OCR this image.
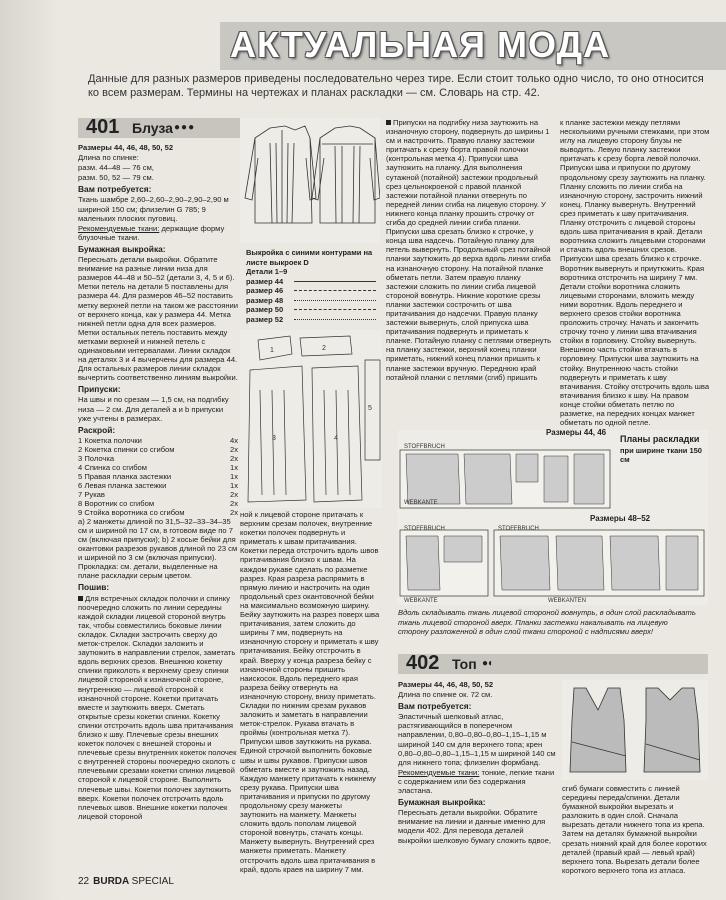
АКТУАЛЬНАЯ МОДА
Данные для разных размеров приведены последовательно через тире. Если стоит только одно число, то оно относится ко всем размерам. Термины на чертежах и планах раскладки — см. Словарь на стр. 42.
401 Блуза ●●●

Размеры 44, 46, 48, 50, 52

Длина по спинке:

разм. 44–48 — 76 см,

разм. 50, 52 — 79 см.

Вам потребуется:

Ткань шамбре 2,60–2,60–2,90–2,90–2,90 м шириной 150 см; флизелин G 785; 9 маленьких плоских пуговиц.

Рекомендуемые ткани: держащие форму блузочные ткани.

Бумажная выкройка:

Пересњать детали выкройки. Обратите внимание на разные линии низа для размеров 44–48 и 50–52 (детали 3, 4, 5 и 6). Метки петель на детали 5 поставлены для размера 44. Для размеров 46–52 поставить метку верхней петли на таком же расстоянии от верхнего конца, как у размера 44. Метка нижней петли одна для всех размеров. Метки остальных петель поставить между метками верхней и нижней петель с одинаковыми интервалами. Линии складок на деталях 3 и 4 вычерчены для размера 44. Для остальных размеров линии складок вычертить соответственно линиям выкройки.

Припуски:

На швы и по срезам — 1,5 см, на подгибку низа — 2 см. Для деталей a и b припуски уже учтены в размерах.

Раскрой:

1 Кокетка полочки	4x
2 Кокетка спинки со сгибом	2x
3 Полочка	2x
4 Спинка со сгибом	1x
5 Правая планка застежки	1x
6 Левая планка застежки	1x
7 Рукав	2x
8 Воротник со сгибом	2x
9 Стойка воротника со сгибом	2x

а) 2 манжеты длиной по 31,5–32–33–34–35 см и шириной по 17 см, в готовом виде по 7 см (включая припуски); b) 2 косые бейки для окантовки разрезов рукавов длиной по 23 см и шириной по 3 см (включая припуски). Прокладка: см. детали, выделенные на плане раскладки серым цветом.

Пошив:

Для встречных складок полочки и спинку поочередно сложить по линии середины каждой складки лицевой стороной внутрь так, чтобы совместились боковые линии складок. Складки застрочить сверху до меток-стрелок. Складки заложить и заутюжить в направлении стрелок, заметать вдоль верхних срезов. Внешнюю кокетку спинки приколоть к верхнему срезу спинки лицевой стороной к изнаночной стороне, внутреннюю — лицевой стороной к изнаночной стороне. Кокетки притачать вместе и заутюжить вверх. Сметать открытые срезы кокетки спинки. Кокетку спинки отстрочить вдоль шва притачивания близко к шву. Плечевые срезы внешних кокеток полочек с внешней стороны и плечевые срезы внутренних кокеток полочек с внутренней стороны поочередно сколоть с плечевыми срезами кокетки спинки лицевой стороной к лицевой стороне. Выполнить плечевые швы. Кокетки полочек заутюжить вверх. Кокетки полочек отстрочить вдоль плечевых швов. Внешние кокетки полочек лицевой стороной

Выкройка с синими контурами на листе выкроек D
Детали 1–9
размер 44
размер 46
размер 48
размер 50
размер 52
1	2
3	4
5

ной к лицевой стороне притачать к верхним срезам полочек, внутренние кокетки полочек подвернуть и приметать к швам притачивания. Кокетки переда отстрочить вдоль швов притачивания близко к швам. На каждом рукаве сделать по разметке разрез. Края разреза распрямить в прямую линию и настрочить на один продольный срез окантовочной бейки на максимально возможную ширину. Бейку заутюжить на разрез поверх шва притачивания, затем сложить до ширины 7 мм, подвернуть на изнаночную сторону и приметать к шву притачивания. Бейку отстрочить в край. Вверху у конца разреза бейку с изнаночной стороны пришить наискосок. Вдоль переднего края разреза бейку отвернуть на изнаночную сторону, внизу приметать. Складки по нижним срезам рукавов заложить и заметать в направлении меток-стрелок. Рукава втачать в проймы (контрольная метка 7). Припуски швов заутюжить на рукава. Единой строчкой выполнить боковые швы и швы рукавов. Припуски швов обметать вместе и заутюжить назад. Каждую манжету притачать к нижнему срезу рукава. Припуски шва притачивания и припуски по другому продольному срезу манжеты заутюжить на манжету. Манжеты сложить вдоль пополам лицевой стороной вовнутрь, стачать концы. Манжету вывернуть. Внутренний срез манжеты приметать. Манжету отстрочить вдоль шва притачивания в край, вдоль краев на ширину 7 мм.

Припуски на подгибку низа заутюжить на изнаночную сторону, подвернуть до ширины 1 см и настрочить. Правую планку застежки притачать к срезу борта правой полочки (контрольная метка 4). Припуски шва заутюжить на планку. Для выполнения сутажной (потайной) застежки продольный срез цельнокроеной с правой планкой застежки потайной планки отвернуть по передней линии сгиба на лицевую сторону. У нижнего конца планку прошить строчку от сгиба до средней линии сгиба планки. Припуски шва срезать близко к строчке, у конца шва надсечь. Потайную планку для петель вывернуть. Продольный срез потайной планки заутюжить до верха вдоль линии сгиба на изнаночную сторону. На потайной планке обметать петли. Затем правую планку застежки сложить по линии сгиба лицевой стороной вовнутрь. Нижние короткие срезы планки застежки сострочить от шва притачивания до надсечки. Правую планку застежки вывернуть, слой припуска шва притачивания подвернуть и приметать к планке. Потайную планку с петлями отвернуть на планку застежки, верхний конец планки приметать, нижний конец планки пришить к планке застежки вручную. Переднюю край потайной планки с петлями (сгиб) пришить

к планке застежки между петлями несколькими ручными стежками, при этом иглу на лицевую сторону блузы не выводить. Левую планку застежки притачать к срезу борта левой полочки. Припуски шва и припуски по другому продольному срезу заутюжить на планку. Планку сложить по линии сгиба на изнаночную сторону, застрочить нижний конец. Планку вывернуть. Внутренний срез приметать к шву притачивания. Планку отстрочить с лицевой стороны вдоль шва притачивания в край. Детали воротника сложить лицевыми сторонами и стачать вдоль внешних срезов. Припуски шва срезать близко к строчке. Воротник вывернуть и приутюжить. Края воротника отстрочить на ширину 7 мм. Детали стойки воротника сложить лицевыми сторонами, вложить между ними воротник. Вдоль переднего и верхнего срезов стойки воротника проложить строчку. Начать и закончить строчку точно у линии шва втачивания стойки в горловину. Стойку вывернуть. Внешнюю часть стойки втачать в горловину. Припуски шва заутюжить на стойку. Внутреннюю часть стойки подвернуть и приметать к шву втачивания. Стойку отстрочить вдоль шва втачивания близко к шву. На правом конце стойки обметать петлю по разметке, на передних концах манжет обметать по одной петле.

Размеры 44, 46
Планы раскладки
при ширине ткани 150 см
STOFFBRUCH
WEBKANTE
Размеры 48–52
STOFFBRUCH	STOFFBRUCH
WEBKANTE	WEBKANTEN
Вдоль складывать ткань лицевой стороной вовнутрь, в один слой раскладывать ткань лицевой стороной вверх. Планки застежки накалывать на лицевую сторону разложенной в один слой ткани стороной с надписями вверх!
402 Топ ●◐

Размеры 44, 46, 48, 50, 52

Длина по спинке ок. 72 см.

Вам потребуется:

Эластичный шелковый атлас, растягивающийся в поперечном направлении, 0,80–0,80–0,80–1,15–1,15 м шириной 140 см для верхнего топа; крен 0,80–0,80–0,80–1,15–1,15 м шириной 140 см для нижнего топа; флизелин формбанд.

Рекомендуемые ткани: тонкие, легкие ткани с содержанием или без содержания эластана.

Бумажная выкройка:

Пересњать детали выкройки. Обратите внимание на линии и данные именно для модели 402. Для перевода деталей выкройки шелковую бумагу сложить вдвое,

сгиб бумаги совместить с линией середины переда/спинки. Детали бумажной выкройки вырезать и разложить в один слой. Сначала вырезать детали нижнего топа из крепа. Затем на деталях бумажной выкройки срезать нижний край для более коротких деталей (правый край — левый край) верхнего топа. Вырезать детали более короткого верхнего топа из атласа.

22 BURDA SPECIAL
